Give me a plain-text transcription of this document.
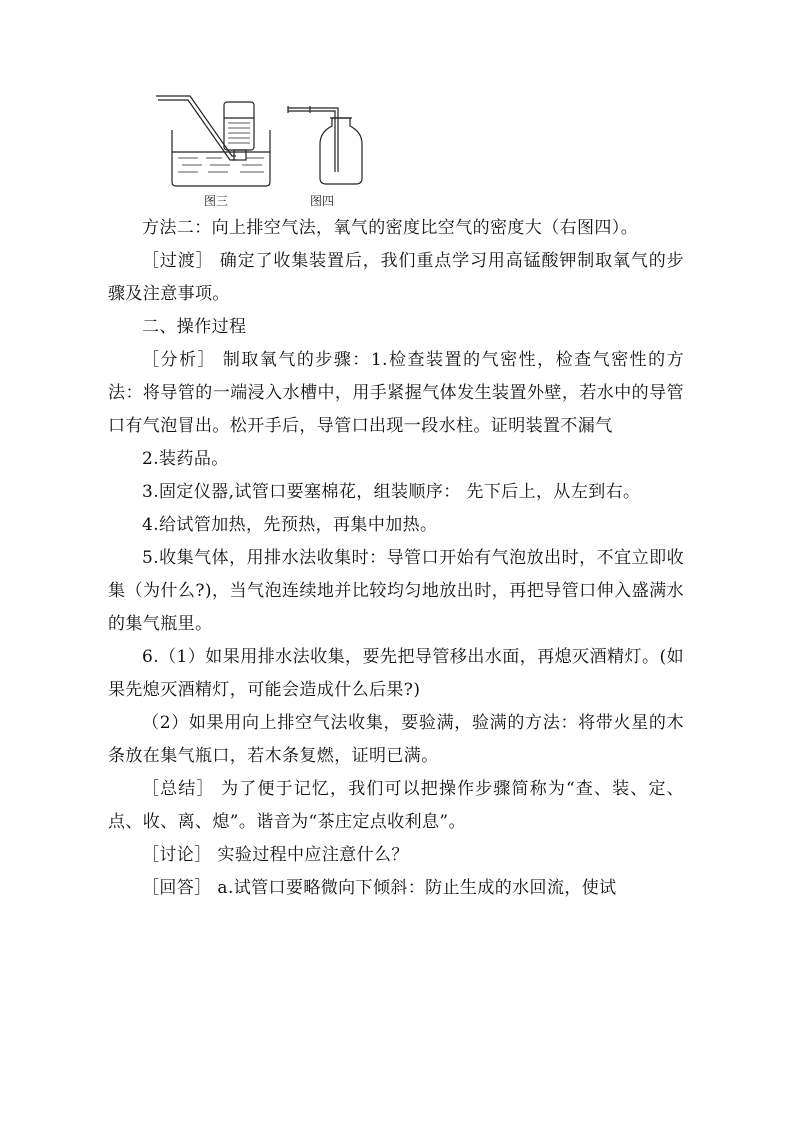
图三	图四

方法二：向上排空气法，氧气的密度比空气的密度大（右图四）。

［过渡］ 确定了收集装置后，我们重点学习用高锰酸钾制取氧气的步骤及注意事项。

二、操作过程

［分析］ 制取氧气的步骤：1.检查装置的气密性，检查气密性的方法：将导管的一端浸入水槽中，用手紧握气体发生装置外壁，若水中的导管口有气泡冒出。松开手后，导管口出现一段水柱。证明装置不漏气

2.装药品。

3.固定仪器,试管口要塞棉花，组装顺序： 先下后上，从左到右。

4.给试管加热，先预热，再集中加热。

5.收集气体，用排水法收集时：导管口开始有气泡放出时，不宜立即收集（为什么?)，当气泡连续地并比较均匀地放出时，再把导管口伸入盛满水的集气瓶里。

6.（1）如果用排水法收集，要先把导管移出水面，再熄灭酒精灯。(如果先熄灭酒精灯，可能会造成什么后果?)

（2）如果用向上排空气法收集，要验满，验满的方法：将带火星的木条放在集气瓶口，若木条复燃，证明已满。

［总结］ 为了便于记忆，我们可以把操作步骤简称为“查、装、定、点、收、离、熄”。谐音为“茶庄定点收利息”。

［讨论］ 实验过程中应注意什么？

［回答］ a.试管口要略微向下倾斜：防止生成的水回流，使试
